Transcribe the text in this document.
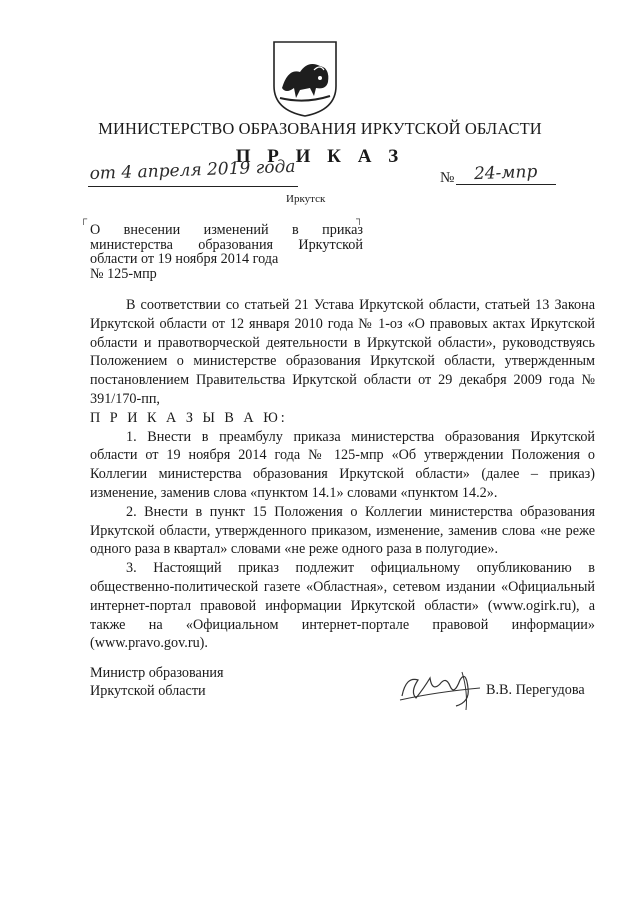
МИНИСТЕРСТВО ОБРАЗОВАНИЯ ИРКУТСКОЙ ОБЛАСТИ
П Р И К А З
от 4 апреля 2019 года	№ 24-мпр
Иркутск
┌	┐
О внесении изменений в приказ министерства образования Иркутской области от 19 ноября 2014 года
№ 125-мпр

В соответствии со статьей 21 Устава Иркутской области, статьей 13 Закона Иркутской области от 12 января 2010 года № 1-оз «О правовых актах Иркутской области и правотворческой деятельности в Иркутской области», руководствуясь Положением о министерстве образования Иркутской области, утвержденным постановлением Правительства Иркутской области от 29 декабря 2009 года № 391/170-пп,

П Р И К А З Ы В А Ю:

1. Внести в преамбулу приказа министерства образования Иркутской области от 19 ноября 2014 года № 125-мпр «Об утверждении Положения о Коллегии министерства образования Иркутской области» (далее – приказ) изменение, заменив слова «пунктом 14.1» словами «пунктом 14.2».

2. Внести в пункт 15 Положения о Коллегии министерства образования Иркутской области, утвержденного приказом, изменение, заменив слова «не реже одного раза в квартал» словами «не реже одного раза в полугодие».

3. Настоящий приказ подлежит официальному опубликованию в общественно-политической газете «Областная», сетевом издании «Официальный интернет-портал правовой информации Иркутской области» (www.ogirk.ru), а также на «Официальном интернет-портале правовой информации» (www.pravo.gov.ru).

Министр образования
Иркутской области	В.В. Перегудова
